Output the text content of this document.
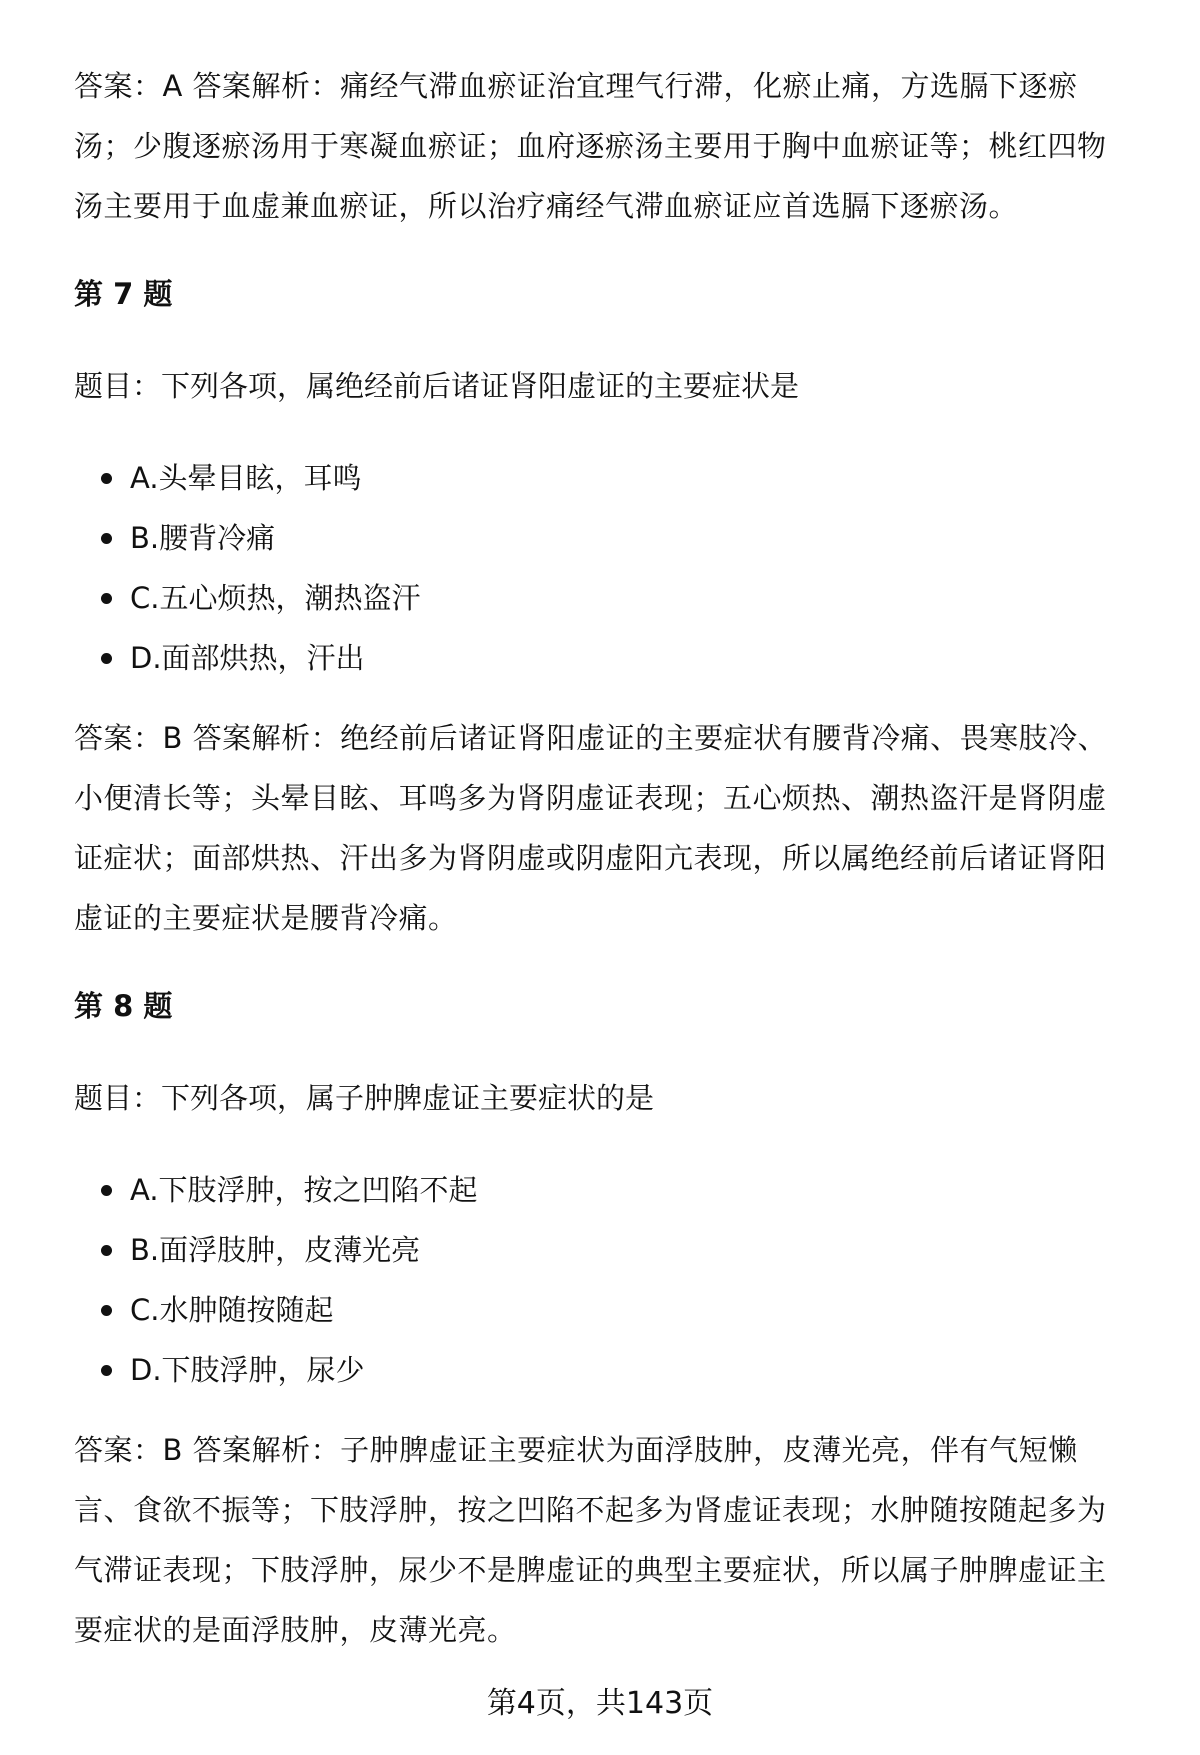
答案：A 答案解析：痛经气滞血瘀证治宜理气行滞，化瘀止痛，方选膈下逐瘀汤；少腹逐瘀汤用于寒凝血瘀证；血府逐瘀汤主要用于胸中血瘀证等；桃红四物汤主要用于血虚兼血瘀证，所以治疗痛经气滞血瘀证应首选膈下逐瘀汤。

第 7 题
题目：下列各项，属绝经前后诸证肾阳虚证的主要症状是
A.头晕目眩，耳鸣
B.腰背冷痛
C.五心烦热，潮热盗汗
D.面部烘热，汗出

答案：B 答案解析：绝经前后诸证肾阳虚证的主要症状有腰背冷痛、畏寒肢冷、小便清长等；头晕目眩、耳鸣多为肾阴虚证表现；五心烦热、潮热盗汗是肾阴虚证症状；面部烘热、汗出多为肾阴虚或阴虚阳亢表现，所以属绝经前后诸证肾阳虚证的主要症状是腰背冷痛。

第 8 题
题目：下列各项，属子肿脾虚证主要症状的是
A.下肢浮肿，按之凹陷不起
B.面浮肢肿，皮薄光亮
C.水肿随按随起
D.下肢浮肿，尿少

答案：B 答案解析：子肿脾虚证主要症状为面浮肢肿，皮薄光亮，伴有气短懒言、食欲不振等；下肢浮肿，按之凹陷不起多为肾虚证表现；水肿随按随起多为气滞证表现；下肢浮肿，尿少不是脾虚证的典型主要症状，所以属子肿脾虚证主要症状的是面浮肢肿，皮薄光亮。

第4页，共143页
